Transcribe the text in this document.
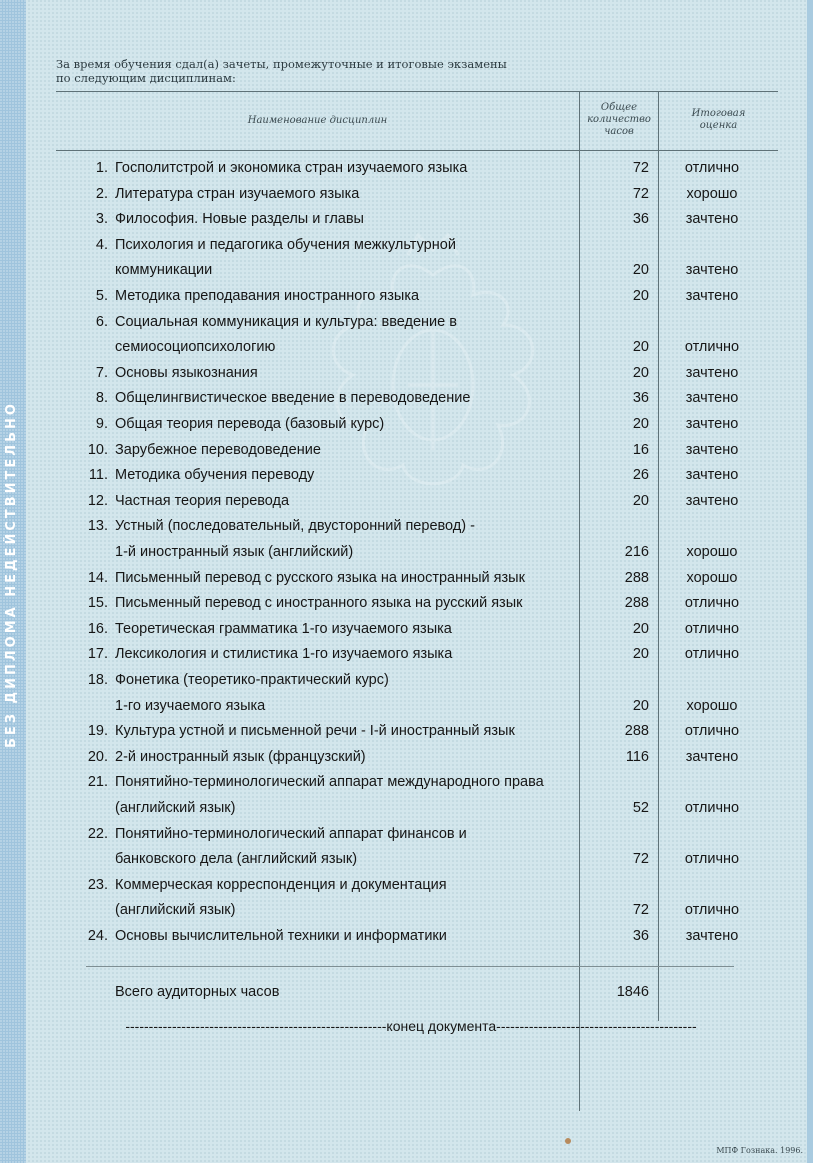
БЕЗ ДИПЛОМА НЕДЕЙСТВИТЕЛЬНО
За время обучения сдал(а) зачеты, промежуточные и итоговые экзамены
по следующим дисциплинам:
Наименование дисциплин
Общее
количество
часов
Итоговая
оценка
1. Госполитстрой и экономика стран изучаемого языка	72	отлично
2. Литература стран изучаемого языка	72	хорошо
3. Философия. Новые разделы и главы	36	зачтено
4. Психология и педагогика обучения межкультурной
коммуникации	20	зачтено
5. Методика преподавания иностранного языка	20	зачтено
6. Социальная коммуникация и культура: введение в
семиосоциопсихологию	20	отлично
7. Основы языкознания	20	зачтено
8. Общелингвистическое введение в переводоведение	36	зачтено
9. Общая теория перевода (базовый курс)	20	зачтено
10. Зарубежное переводоведение	16	зачтено
11. Методика обучения переводу	26	зачтено
12. Частная теория перевода	20	зачтено
13. Устный (последовательный, двусторонний перевод) -
1-й иностранный язык (английский)	216	хорошо
14. Письменный перевод с русского языка на иностранный язык	288	хорошо
15. Письменный перевод с иностранного языка на русский язык	288	отлично
16. Теоретическая грамматика 1-го изучаемого языка	20	отлично
17. Лексикология и стилистика 1-го изучаемого языка	20	отлично
18. Фонетика (теоретико-практический курс)
1-го изучаемого языка	20	хорошо
19. Культура устной и письменной речи - I-й иностранный язык	288	отлично
20. 2-й иностранный язык (французский)	116	зачтено
21. Понятийно-терминологический аппарат международного права
(английский язык)	52	отлично
22. Понятийно-терминологический аппарат финансов и
банковского дела (английский язык)	72	отлично
23. Коммерческая корреспонденция и документация
(английский язык)	72	отлично
24. Основы вычислительной техники и информатики	36	зачтено
Всего аудиторных часов	1846
--------------------------------------------------------конец документа-------------------------------------------
МПФ Гознака. 1996.
